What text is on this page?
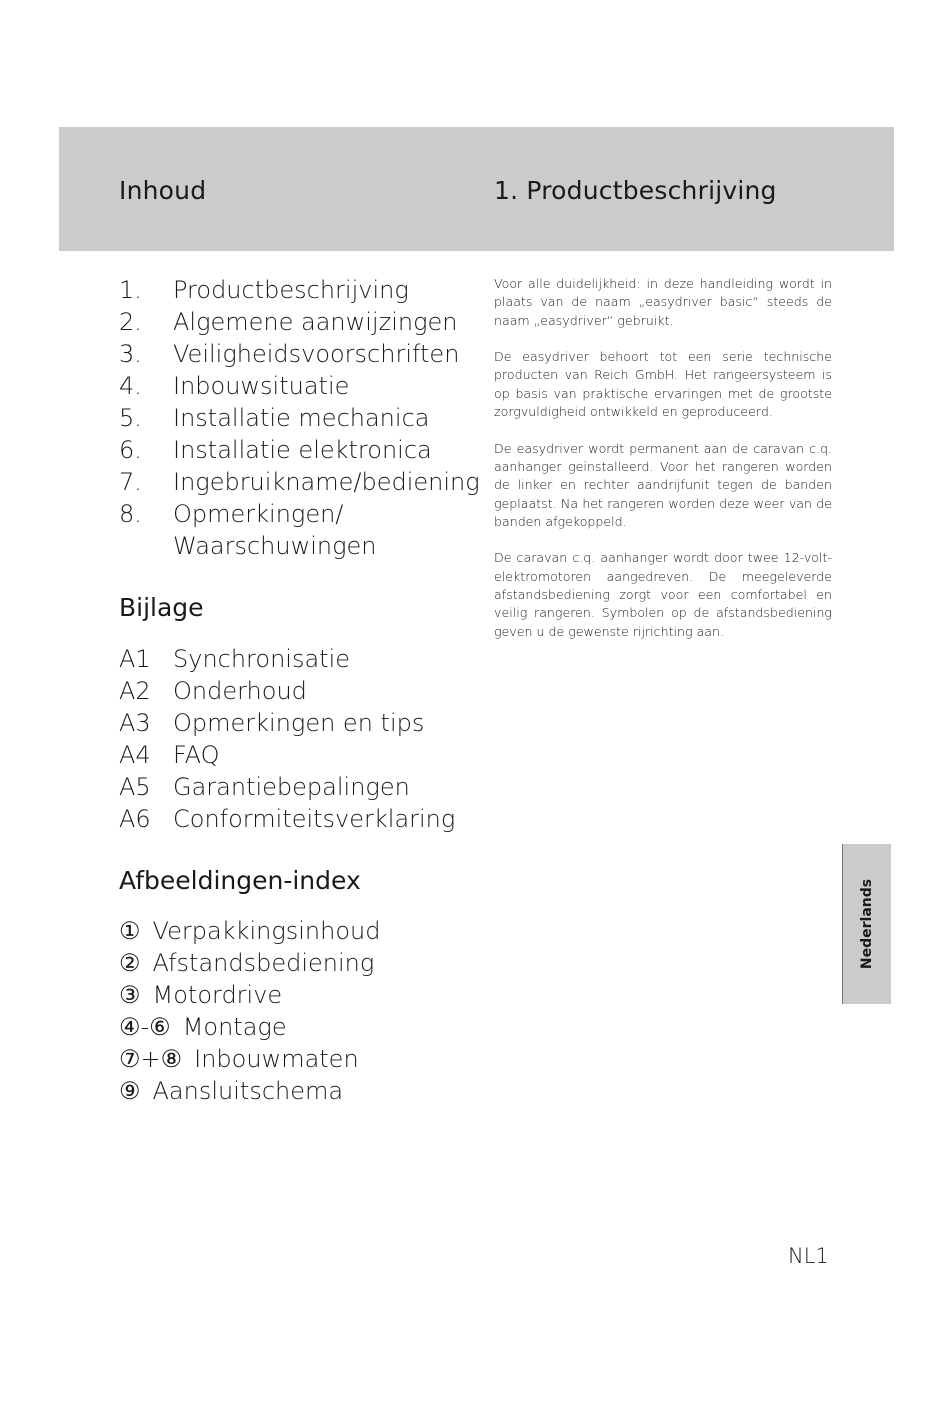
Inhoud	1. Productbeschrijving
1.	Productbeschrijving
2.	Algemene aanwijzingen
3.	Veiligheidsvoorschriften
4.	Inbouwsituatie
5.	Installatie mechanica
6.	Installatie elektronica
7.	Ingebruikname/bediening
8.	Opmerkingen/
Waarschuwingen
Bijlage
A1 Synchronisatie
A2 Onderhoud
A3 Opmerkingen en tips
A4 FAQ
A5 Garantiebepalingen
A6 Conformiteitsverklaring
Afbeeldingen-index
① Verpakkingsinhoud
② Afstandsbediening
③ Motordrive
④-⑥ Montage
⑦+⑧ Inbouwmaten
⑨ Aansluitschema

Voor alle duidelijkheid: in deze handleiding wordt in plaats van de naam „easydriver basic“ steeds de naam „easydriver“ gebruikt.

De easydriver behoort tot een serie technische producten van Reich GmbH. Het rangeersysteem is op basis van praktische ervaringen met de grootste zorgvuldigheid ontwikkeld en geproduceerd.

De easydriver wordt permanent aan de caravan c.q. aanhanger geïnstalleerd. Voor het rangeren worden de linker en rechter aandrijfunit tegen de banden geplaatst. Na het rangeren worden deze weer van de banden afgekoppeld.

De caravan c.q. aanhanger wordt door twee 12-volt-elektromotoren aangedreven. De meegeleverde afstandsbediening zorgt voor een comfortabel en veilig rangeren. Symbolen op de afstandsbediening geven u de gewenste rijrichting aan.

Nederlands
NL1
